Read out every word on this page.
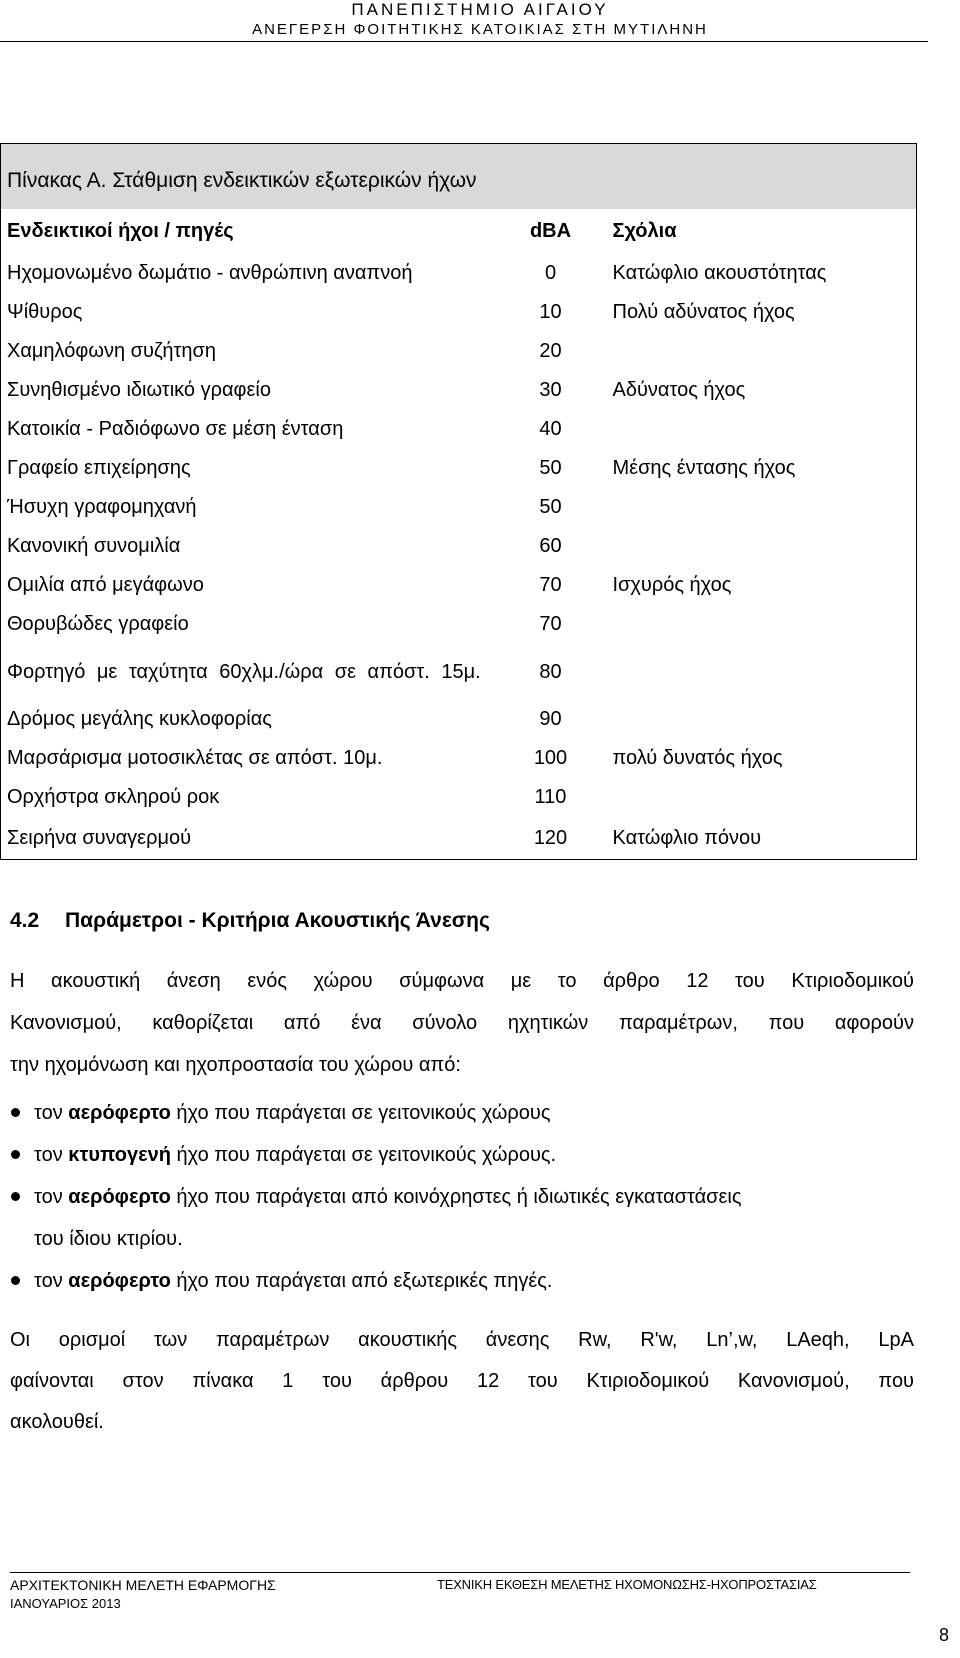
ΠΑΝΕΠΙΣΤΗΜΙΟ ΑΙΓΑΙΟΥ
ΑΝΕΓΕΡΣΗ ΦΟΙΤΗΤΙΚΗΣ ΚΑΤΟΙΚΙΑΣ ΣΤΗ ΜΥΤΙΛΗΝΗ
Πίνακας Α. Στάθμιση ενδεικτικών εξωτερικών ήχων		
Ενδεικτικοί ήχοι / πηγές	dBA	Σχόλια
Ηχομονωμένο δωμάτιο - ανθρώπινη αναπνοή	0	Κατώφλιο ακουστότητας
Ψίθυρος	10	Πολύ αδύνατος ήχος
Χαμηλόφωνη συζήτηση	20	
Συνηθισμένο ιδιωτικό γραφείο	30	Αδύνατος ήχος
Κατοικία - Ραδιόφωνο σε μέση ένταση	40	
Γραφείο επιχείρησης	50	Μέσης έντασης ήχος
Ήσυχη γραφομηχανή	50	
Κανονική συνομιλία	60	
Ομιλία από μεγάφωνο	70	Ισχυρός ήχος
Θορυβώδες γραφείο	70	
Φορτηγό με ταχύτητα 60χλμ./ώρα σε απόστ. 15μ.	80	
Δρόμος μεγάλης κυκλοφορίας	90	
Μαρσάρισμα μοτοσικλέτας σε απόστ. 10μ.	100	πολύ δυνατός ήχος
Ορχήστρα σκληρού ροκ	110	
Σειρήνα συναγερμού	120	Κατώφλιο πόνου
4.2 Παράμετροι - Κριτήρια Ακουστικής Άνεσης
Η ακουστική άνεση ενός χώρου σύμφωνα με το άρθρο 12 του Κτιριοδομικού
Κανονισμού, καθορίζεται από ένα σύνολο ηχητικών παραμέτρων, που αφορούν
την ηχομόνωση και ηχοπροστασία του χώρου από:
τον αερόφερτο ήχο που παράγεται σε γειτονικούς χώρους
τον κτυπογενή ήχο που παράγεται σε γειτονικούς χώρους.
τον αερόφερτο ήχο που παράγεται από κοινόχρηστες ή ιδιωτικές εγκαταστάσεις
του ίδιου κτιρίου.
τον αερόφερτο ήχο που παράγεται από εξωτερικές πηγές.
Οι ορισμοί των παραμέτρων ακουστικής άνεσης Rw, R'w, Ln’,w, LAeqh, LpA
φαίνονται στον πίνακα 1 του άρθρου 12 του Κτιριοδομικού Κανονισμού, που
ακολουθεί.
ΑΡΧΙΤΕΚΤΟΝΙΚΗ ΜΕΛΕΤΗ ΕΦΑΡΜΟΓΗΣ
ΙΑΝΟΥΑΡΙΟΣ 2013
ΤΕΧΝΙΚΗ ΕΚΘΕΣΗ ΜΕΛΕΤΗΣ ΗΧΟΜΟΝΩΣΗΣ-ΗΧΟΠΡΟΣΤΑΣΙΑΣ
8
